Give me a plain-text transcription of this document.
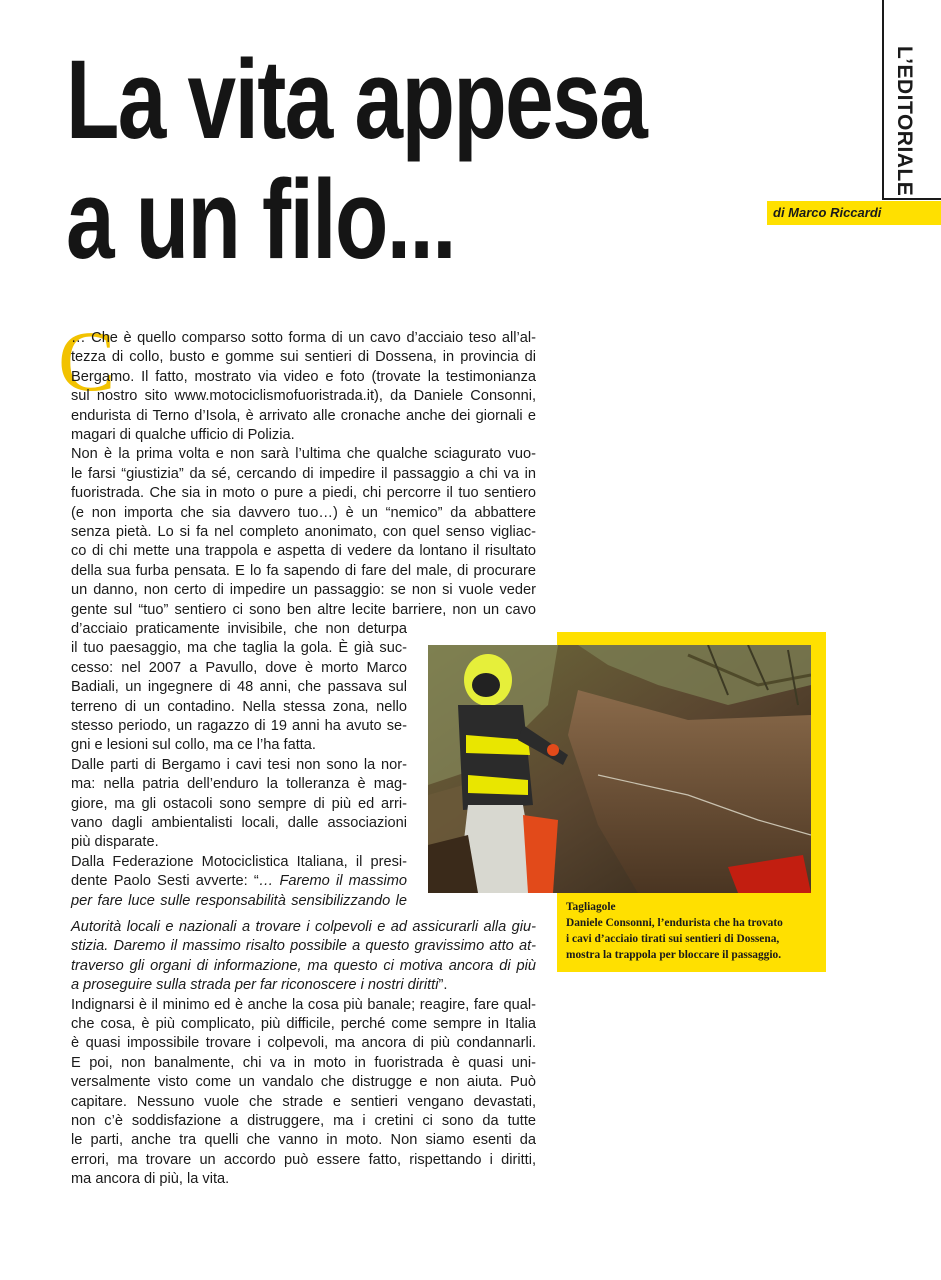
L’EDITORIALE
di Marco Riccardi
La vita appesa
a un filo...
C
… Che è quello comparso sotto forma di un cavo d’acciaio teso all’al-
tezza di collo, busto e gomme sui sentieri di Dossena, in provincia di
Bergamo. Il fatto, mostrato via video e foto (trovate la testimonianza
sul nostro sito www.motociclismofuoristrada.it), da Daniele Consonni,
endurista di Terno d’Isola, è arrivato alle cronache anche dei giornali e
magari di qualche ufficio di Polizia.
Non è la prima volta e non sarà l’ultima che qualche sciagurato vuo-
le farsi “giustizia” da sé, cercando di impedire il passaggio a chi va in
fuoristrada. Che sia in moto o pure a piedi, chi percorre il tuo sentiero
(e non importa che sia davvero tuo…) è un “nemico” da abbattere
senza pietà. Lo si fa nel completo anonimato, con quel senso vigliac-
co di chi mette una trappola e aspetta di vedere da lontano il risultato
della sua furba pensata. E lo fa sapendo di fare del male, di procurare
un danno, non certo di impedire un passaggio: se non si vuole veder
gente sul “tuo” sentiero ci sono ben altre lecite barriere, non un cavo
d’acciaio praticamente invisibile, che non deturpa
il tuo paesaggio, ma che taglia la gola. È già suc-
cesso: nel 2007 a Pavullo, dove è morto Marco
Badiali, un ingegnere di 48 anni, che passava sul
terreno di un contadino. Nella stessa zona, nello
stesso periodo, un ragazzo di 19 anni ha avuto se-
gni e lesioni sul collo, ma ce l’ha fatta.
Dalle parti di Bergamo i cavi tesi non sono la nor-
ma: nella patria dell’enduro la tolleranza è mag-
giore, ma gli ostacoli sono sempre di più ed arri-
vano dagli ambientalisti locali, dalle associazioni
più disparate.
Dalla Federazione Motociclistica Italiana, il presi-
dente Paolo Sesti avverte: “… Faremo il massimo
per fare luce sulle responsabilità sensibilizzando le
Autorità locali e nazionali a trovare i colpevoli e ad assicurarli alla giu-
stizia. Daremo il massimo risalto possibile a questo gravissimo atto at-
traverso gli organi di informazione, ma questo ci motiva ancora di più
a proseguire sulla strada per far riconoscere i nostri diritti”.
Indignarsi è il minimo ed è anche la cosa più banale; reagire, fare qual-
che cosa, è più complicato, più difficile, perché come sempre in Italia
è quasi impossibile trovare i colpevoli, ma ancora di più condannarli.
E poi, non banalmente, chi va in moto in fuoristrada è quasi uni-
versalmente visto come un vandalo che distrugge e non aiuta. Può
capitare. Nessuno vuole che strade e sentieri vengano devastati,
non c’è soddisfazione a distruggere, ma i cretini ci sono da tutte
le parti, anche tra quelli che vanno in moto. Non siamo esenti da
errori, ma trovare un accordo può essere fatto, rispettando i diritti,
ma ancora di più, la vita.
Tagliagole
Daniele Consonni, l’endurista che ha trovato
i cavi d’acciaio tirati sui sentieri di Dossena,
mostra la trappola per bloccare il passaggio.
